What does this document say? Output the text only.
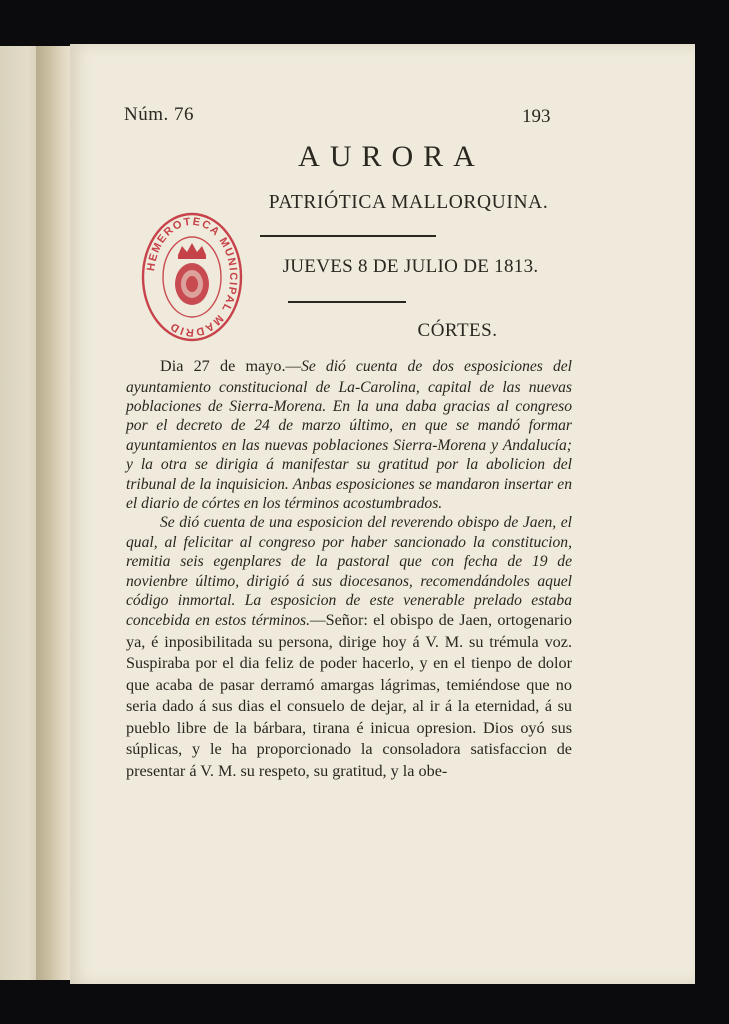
Núm. 76	193
AURORA
PATRIÓTICA MALLORQUINA.
JUEVES 8 DE JULIO DE 1813.
CÓRTES.

Dia 27 de mayo.—Se dió cuenta de dos esposiciones del ayuntamiento constitucional de La-Carolina, capital de las nuevas poblaciones de Sierra-Morena. En la una daba gracias al congreso por el decreto de 24 de marzo último, en que se mandó formar ayuntamientos en las nuevas poblaciones Sierra-Morena y Andalucía; y la otra se dirigia á manifestar su gratitud por la abolicion del tribunal de la inquisicion. Anbas esposiciones se mandaron insertar en el diario de córtes en los términos acostumbrados.

Se dió cuenta de una esposicion del reverendo obispo de Jaen, el qual, al felicitar al congreso por haber sancionado la constitucion, remitia seis egenplares de la pastoral que con fecha de 19 de novienbre último, dirigió á sus diocesanos, recomendándoles aquel código inmortal. La esposicion de este venerable prelado estaba concebida en estos términos.—Señor: el obispo de Jaen, ortogenario ya, é inposibilitada su persona, dirige hoy á V. M. su trémula voz. Suspiraba por el dia feliz de poder hacerlo, y en el tienpo de dolor que acaba de pasar derramó amargas lágrimas, temiéndose que no seria dado á sus dias el consuelo de dejar, al ir á la eternidad, á su pueblo libre de la bárbara, tirana é inicua opresion. Dios oyó sus súplicas, y le ha proporcionado la consoladora satisfaccion de presentar á V. M. su respeto, su gratitud, y la obe-

HEMEROTECA MUNICIPAL MADRID
